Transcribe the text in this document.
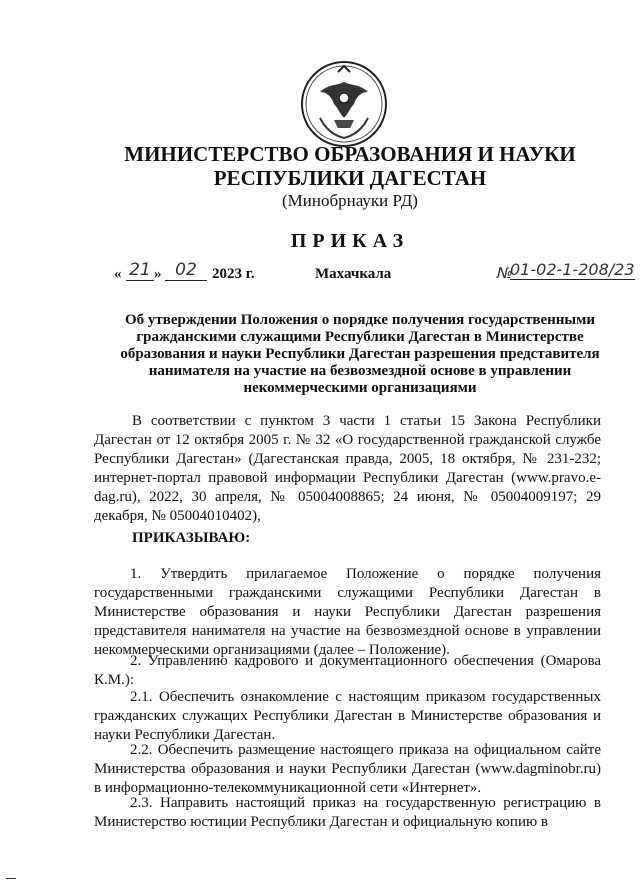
МИНИСТЕРСТВО ОБРАЗОВАНИЯ И НАУКИ
РЕСПУБЛИКИ ДАГЕСТАН
(Минобрнауки РД)
ПРИКАЗ
« 21 » 02	2023 г.	Махачкала	№
01-02-1-208/23
Об утверждении Положения о порядке получения государственными
гражданскими служащими Республики Дагестан в Министерстве
образования и науки Республики Дагестан разрешения представителя
нанимателя на участие на безвозмездной основе в управлении
некоммерческими организациями
В соответствии с пунктом 3 части 1 статьи 15 Закона Республики Дагестан от 12 октября 2005 г. № 32 «О государственной гражданской службе Республики Дагестан» (Дагестанская правда, 2005, 18 октября, № 231-232; интернет-портал правовой информации Республики Дагестан (www.pravo.e-dag.ru), 2022, 30 апреля, № 05004008865; 24 июня, № 05004009197; 29 декабря, № 05004010402),
ПРИКАЗЫВАЮ:
1. Утвердить прилагаемое Положение о порядке получения государственными гражданскими служащими Республики Дагестан в Министерстве образования и науки Республики Дагестан разрешения представителя нанимателя на участие на безвозмездной основе в управлении некоммерческими организациями (далее – Положение).
2. Управлению кадрового и документационного обеспечения (Омарова К.М.):
2.1. Обеспечить ознакомление с настоящим приказом государственных гражданских служащих Республики Дагестан в Министерстве образования и науки Республики Дагестан.
2.2. Обеспечить размещение настоящего приказа на официальном сайте Министерства образования и науки Республики Дагестан (www.dagminobr.ru) в информационно-телекоммуникационной сети «Интернет».
2.3. Направить настоящий приказ на государственную регистрацию в Министерство юстиции Республики Дагестан и официальную копию в
